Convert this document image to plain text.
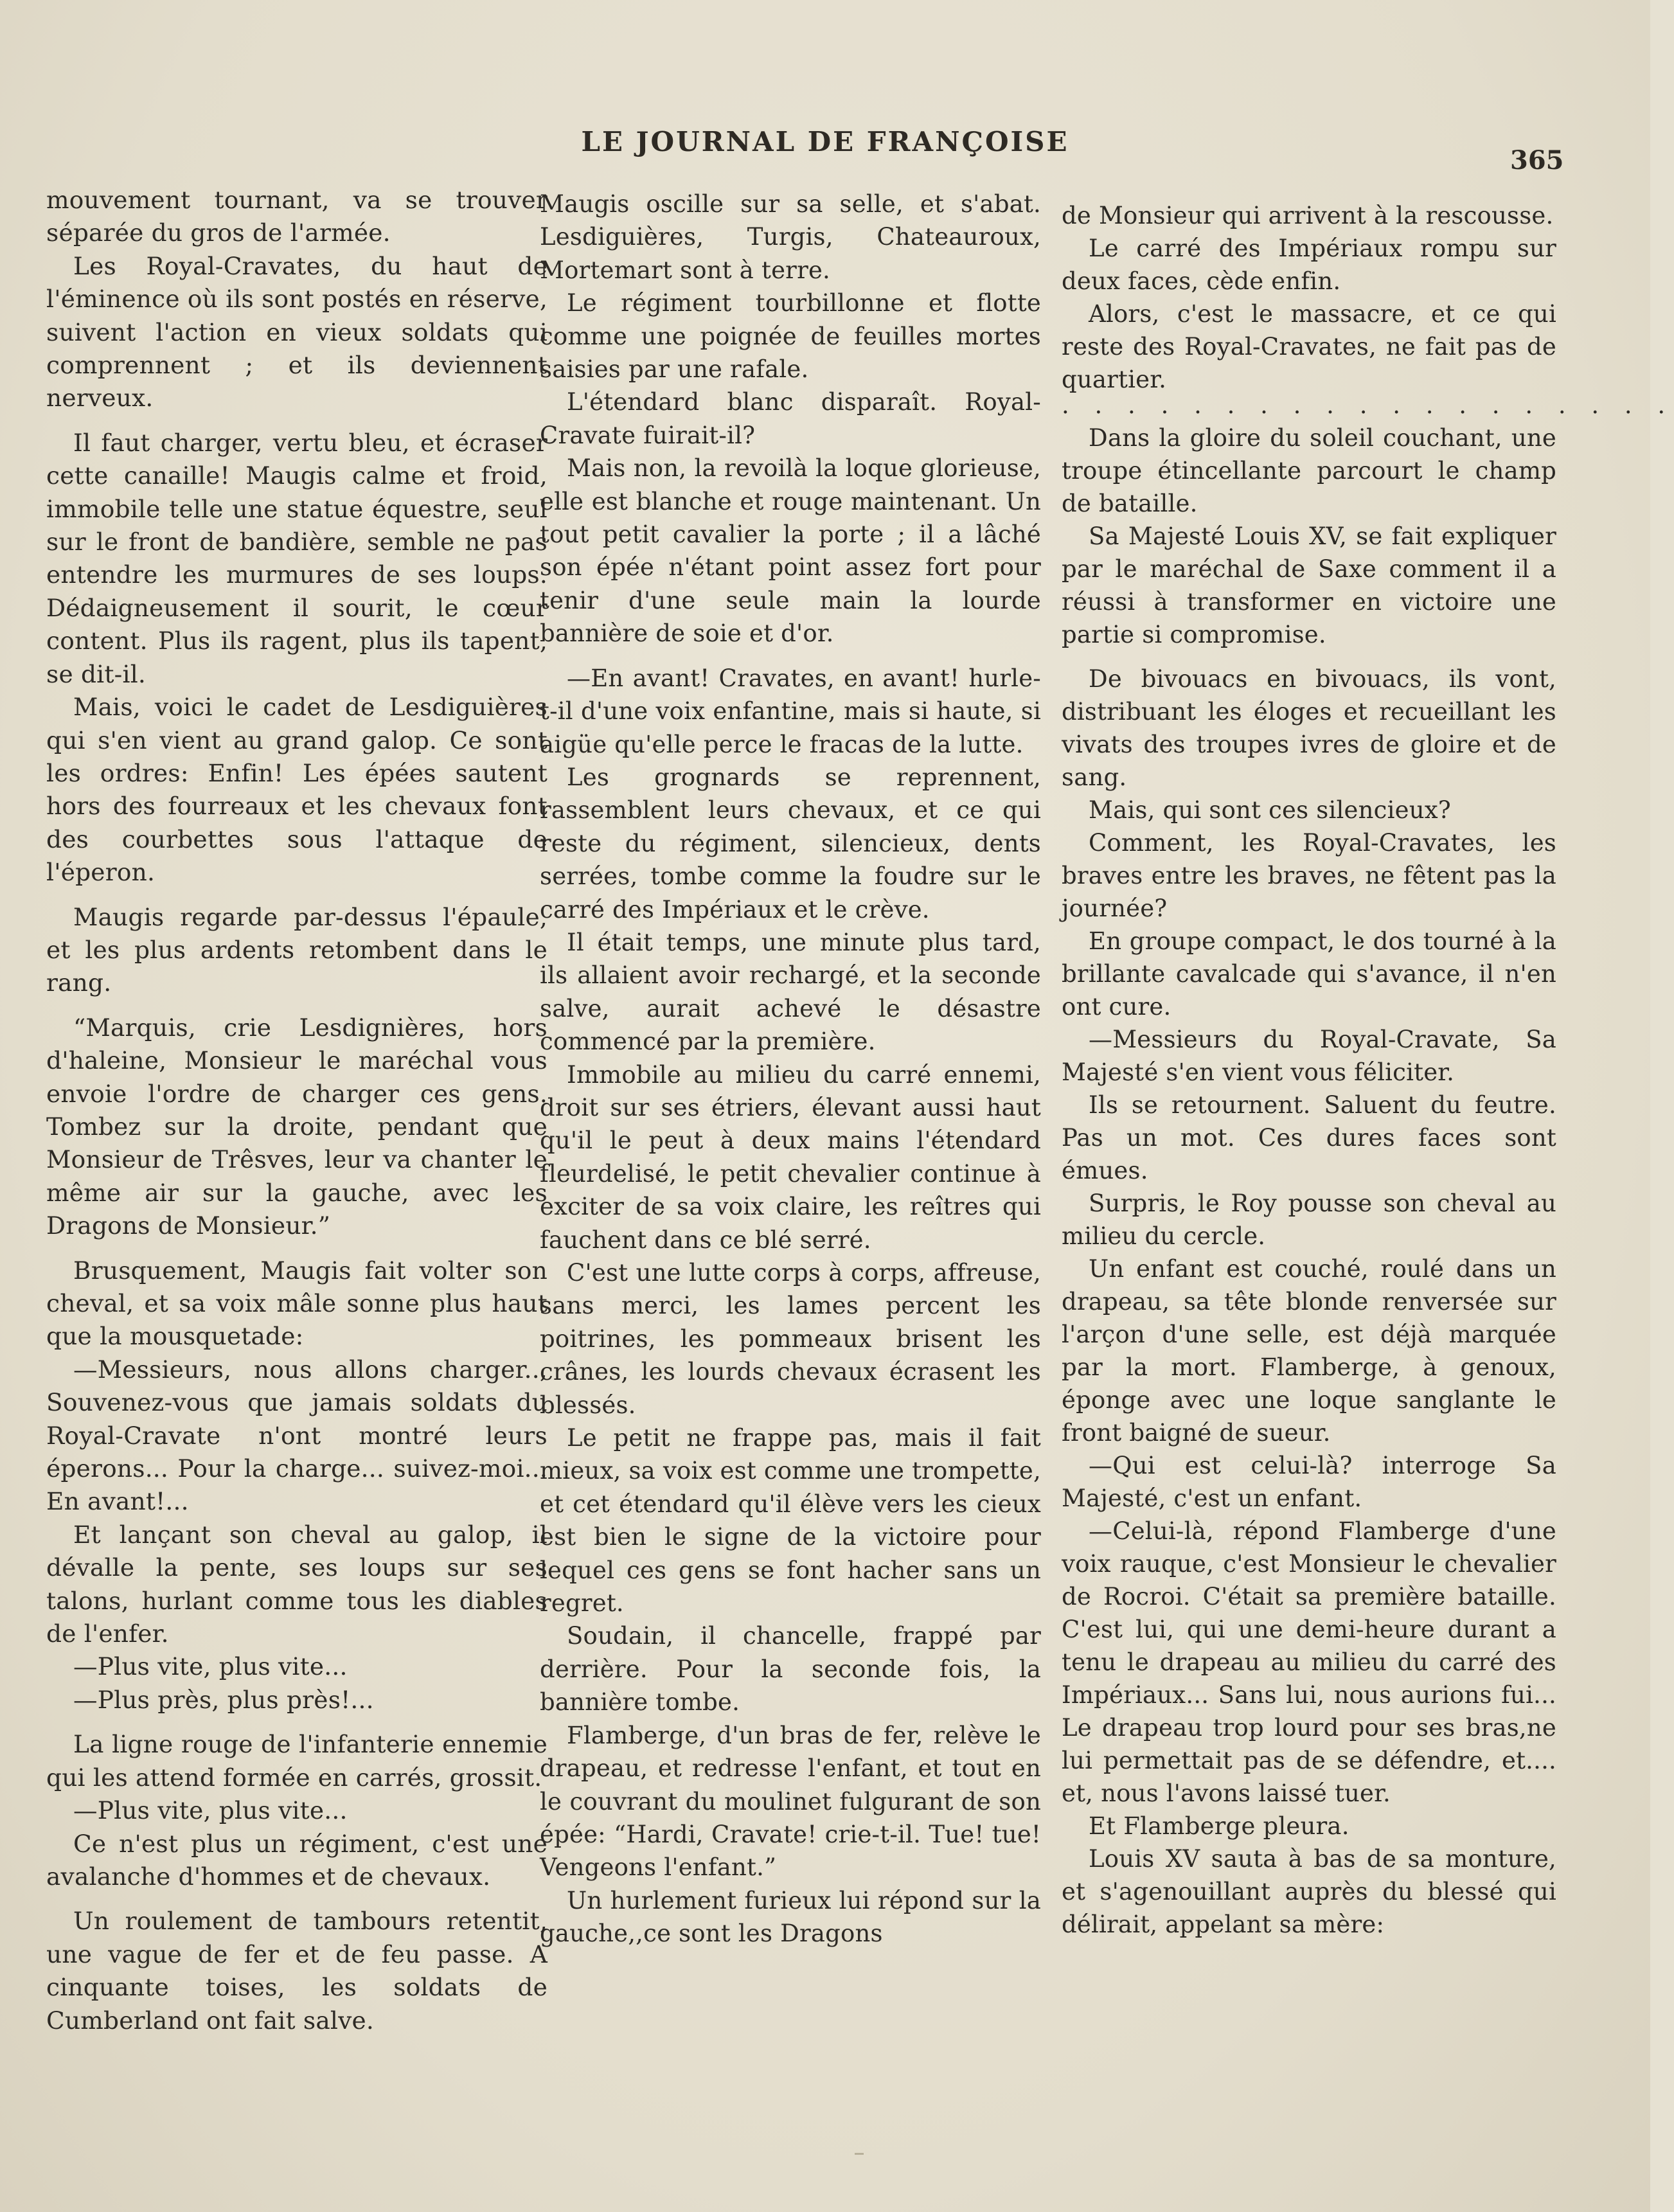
LE JOURNAL DE FRANÇOISE
365

mouvement tournant, va se trouver séparée du gros de l'armée.

Les Royal-Cravates, du haut de l'éminence où ils sont postés en réserve, suivent l'action en vieux soldats qui comprennent ; et ils deviennent nerveux.

Il faut charger, vertu bleu, et écraser cette canaille! Maugis calme et froid, immobile telle une statue équestre, seul sur le front de bandière, semble ne pas entendre les murmures de ses loups. Dédaigneusement il sourit, le cœur content. Plus ils ragent, plus ils tapent, se dit-il.

Mais, voici le cadet de Lesdiguières qui s'en vient au grand galop. Ce sont les ordres: Enfin! Les épées sautent hors des fourreaux et les chevaux font des courbettes sous l'attaque de l'éperon.

Maugis regarde par-dessus l'épaule, et les plus ardents retombent dans le rang.

“Marquis, crie Lesdignières, hors d'haleine, Monsieur le maréchal vous envoie l'ordre de charger ces gens. Tombez sur la droite, pendant que Monsieur de Trêsves, leur va chanter le même air sur la gauche, avec les Dragons de Monsieur.”

Brusquement, Maugis fait volter son cheval, et sa voix mâle sonne plus haut que la mousquetade:

—Messieurs, nous allons charger.., Souvenez-vous que jamais soldats du Royal-Cravate n'ont montré leurs éperons... Pour la charge... suivez-moi... En avant!...

Et lançant son cheval au galop, il dévalle la pente, ses loups sur ses talons, hurlant comme tous les diables de l'enfer.

—Plus vite, plus vite...

—Plus près, plus près!...

La ligne rouge de l'infanterie ennemie qui les attend formée en carrés, grossit.

—Plus vite, plus vite...

Ce n'est plus un régiment, c'est une avalanche d'hommes et de chevaux.

Un roulement de tambours retentit, une vague de fer et de feu passe. A cinquante toises, les soldats de Cumberland ont fait salve.

Maugis oscille sur sa selle, et s'abat. Lesdiguières, Turgis, Chateauroux, Mortemart sont à terre.

Le régiment tourbillonne et flotte comme une poignée de feuilles mortes saisies par une rafale.

L'étendard blanc disparaît. Royal-Cravate fuirait-il?

Mais non, la revoilà la loque glorieuse, elle est blanche et rouge maintenant. Un tout petit cavalier la porte ; il a lâché son épée n'étant point assez fort pour tenir d'une seule main la lourde bannière de soie et d'or.

—En avant! Cravates, en avant! hurle-t-il d'une voix enfantine, mais si haute, si aigüe qu'elle perce le fracas de la lutte.

Les grognards se reprennent, rassemblent leurs chevaux, et ce qui reste du régiment, silencieux, dents serrées, tombe comme la foudre sur le carré des Impériaux et le crève.

Il était temps, une minute plus tard, ils allaient avoir rechargé, et la seconde salve, aurait achevé le désastre commencé par la première.

Immobile au milieu du carré ennemi, droit sur ses étriers, élevant aussi haut qu'il le peut à deux mains l'étendard fleurdelisé, le petit chevalier continue à exciter de sa voix claire, les reîtres qui fauchent dans ce blé serré.

C'est une lutte corps à corps, affreuse, sans merci, les lames percent les poitrines, les pommeaux brisent les crânes, les lourds chevaux écrasent les blessés.

Le petit ne frappe pas, mais il fait mieux, sa voix est comme une trompette, et cet étendard qu'il élève vers les cieux est bien le signe de la victoire pour lequel ces gens se font hacher sans un regret.

Soudain, il chancelle, frappé par derrière. Pour la seconde fois, la bannière tombe.

Flamberge, d'un bras de fer, relève le drapeau, et redresse l'enfant, et tout en le couvrant du moulinet fulgurant de son épée: “Hardi, Cravate! crie-t-il. Tue! tue! Vengeons l'enfant.”

Un hurlement furieux lui répond sur la gauche,,ce sont les Dragons

de Monsieur qui arrivent à la rescousse.

Le carré des Impériaux rompu sur deux faces, cède enfin.

Alors, c'est le massacre, et ce qui reste des Royal-Cravates, ne fait pas de quartier.

. . . . . . . . . . . . . . . . . . .

Dans la gloire du soleil couchant, une troupe étincellante parcourt le champ de bataille.

Sa Majesté Louis XV, se fait expliquer par le maréchal de Saxe comment il a réussi à transformer en victoire une partie si compromise.

De bivouacs en bivouacs, ils vont, distribuant les éloges et recueillant les vivats des troupes ivres de gloire et de sang.

Mais, qui sont ces silencieux?

Comment, les Royal-Cravates, les braves entre les braves, ne fêtent pas la journée?

En groupe compact, le dos tourné à la brillante cavalcade qui s'avance, il n'en ont cure.

—Messieurs du Royal-Cravate, Sa Majesté s'en vient vous féliciter.

Ils se retournent. Saluent du feutre. Pas un mot. Ces dures faces sont émues.

Surpris, le Roy pousse son cheval au milieu du cercle.

Un enfant est couché, roulé dans un drapeau, sa tête blonde renversée sur l'arçon d'une selle, est déjà marquée par la mort. Flamberge, à genoux, éponge avec une loque sanglante le front baigné de sueur.

—Qui est celui-là? interroge Sa Majesté, c'est un enfant.

—Celui-là, répond Flamberge d'une voix rauque, c'est Monsieur le chevalier de Rocroi. C'était sa première bataille. C'est lui, qui une demi-heure durant a tenu le drapeau au milieu du carré des Impériaux... Sans lui, nous aurions fui... Le drapeau trop lourd pour ses bras,ne lui permettait pas de se défendre, et.... et, nous l'avons laissé tuer.

Et Flamberge pleura.

Louis XV sauta à bas de sa monture, et s'agenouillant auprès du blessé qui délirait, appelant sa mère:
